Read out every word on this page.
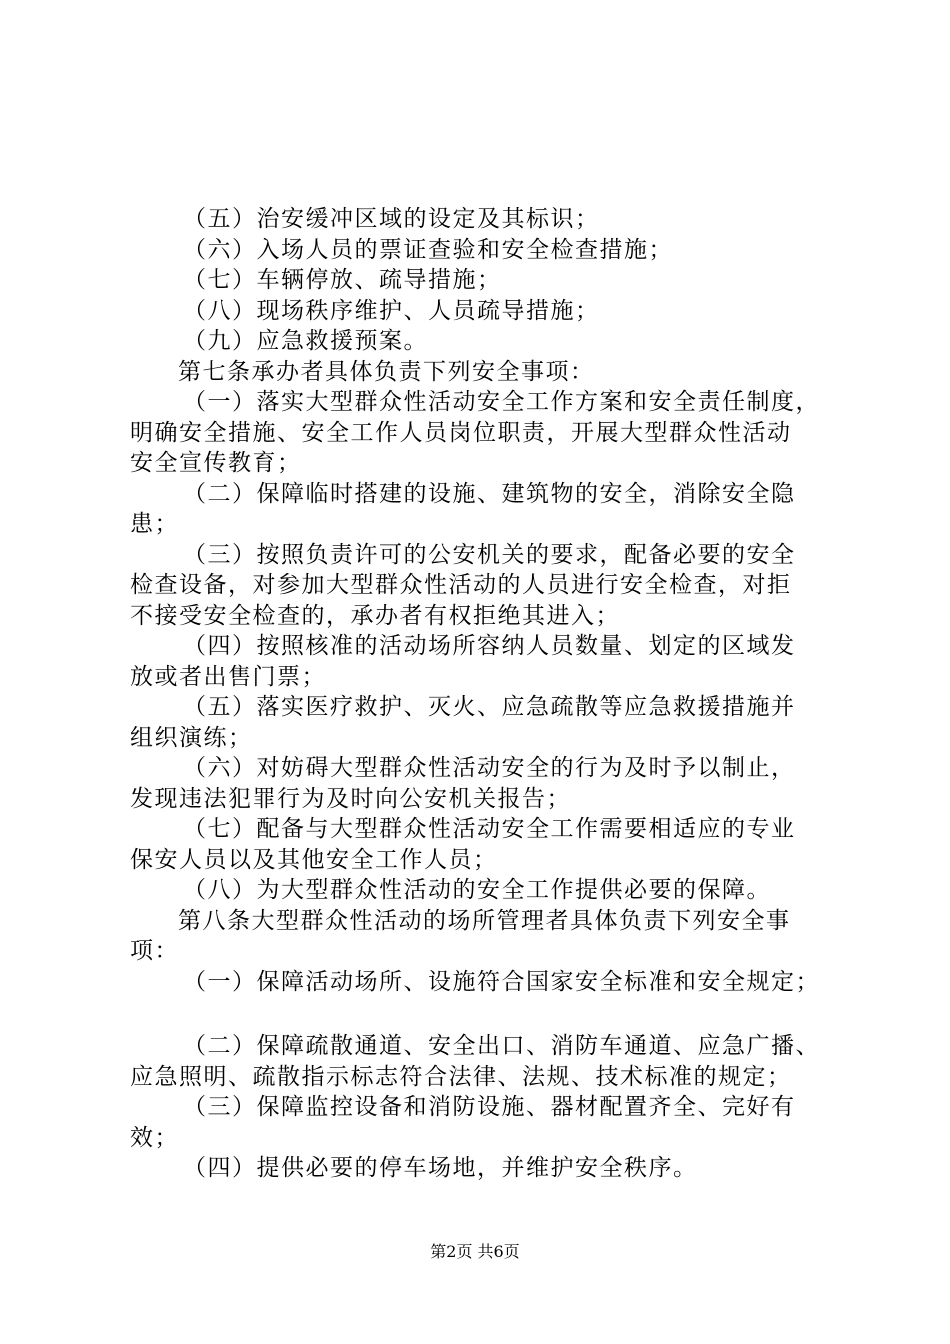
（五）治安缓冲区域的设定及其标识；
（六）入场人员的票证查验和安全检查措施；
（七）车辆停放、疏导措施；
（八）现场秩序维护、人员疏导措施；
（九）应急救援预案。
第七条承办者具体负责下列安全事项：
（一）落实大型群众性活动安全工作方案和安全责任制度，
明确安全措施、安全工作人员岗位职责，开展大型群众性活动
安全宣传教育；
（二）保障临时搭建的设施、建筑物的安全，消除安全隐
患；
（三）按照负责许可的公安机关的要求，配备必要的安全
检查设备，对参加大型群众性活动的人员进行安全检查，对拒
不接受安全检查的，承办者有权拒绝其进入；
（四）按照核准的活动场所容纳人员数量、划定的区域发
放或者出售门票；
（五）落实医疗救护、灭火、应急疏散等应急救援措施并
组织演练；
（六）对妨碍大型群众性活动安全的行为及时予以制止，
发现违法犯罪行为及时向公安机关报告；
（七）配备与大型群众性活动安全工作需要相适应的专业
保安人员以及其他安全工作人员；
（八）为大型群众性活动的安全工作提供必要的保障。
第八条大型群众性活动的场所管理者具体负责下列安全事
项：
（一）保障活动场所、设施符合国家安全标准和安全规定；
（二）保障疏散通道、安全出口、消防车通道、应急广播、
应急照明、疏散指示标志符合法律、法规、技术标准的规定；
（三）保障监控设备和消防设施、器材配置齐全、完好有
效；
（四）提供必要的停车场地，并维护安全秩序。
第2页 共6页
